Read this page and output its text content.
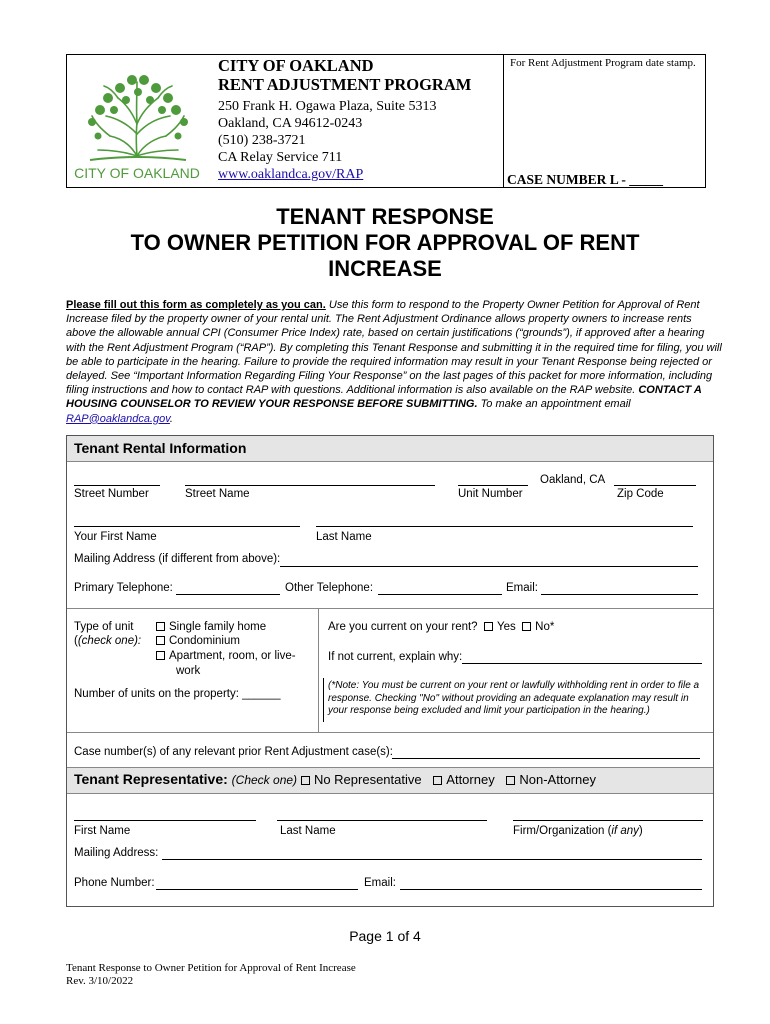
CITY OF OAKLAND
CITY OF OAKLAND
RENT ADJUSTMENT PROGRAM
250 Frank H. Ogawa Plaza, Suite 5313
Oakland, CA 94612-0243
(510) 238-3721
CA Relay Service 711
www.oaklandca.gov/RAP
For Rent Adjustment Program date stamp.
CASE NUMBER L - _____
TENANT RESPONSE
TO OWNER PETITION FOR APPROVAL OF RENT
INCREASE
Please fill out this form as completely as you can. Use this form to respond to the Property Owner Petition for Approval of Rent Increase filed by the property owner of your rental unit. The Rent Adjustment Ordinance allows property owners to increase rents above the allowable annual CPI (Consumer Price Index) rate, based on certain justifications (“grounds”), if approved after a hearing with the Rent Adjustment Program (“RAP”). By completing this Tenant Response and submitting it in the required time for filing, you will be able to participate in the hearing. Failure to provide the required information may result in your Tenant Response being rejected or delayed. See “Important Information Regarding Filing Your Response” on the last pages of this packet for more information, including filing instructions and how to contact RAP with questions. Additional information is also available on the RAP website. CONTACT A HOUSING COUNSELOR TO REVIEW YOUR RESPONSE BEFORE SUBMITTING. To make an appointment email RAP@oaklandca.gov.
Tenant Rental Information
Oakland, CA
Street Number	Street Name	Unit Number	Zip Code
Your First Name	Last Name
Mailing Address (if different from above):
Primary Telephone:	Other Telephone:	Email:
Type of unit
((check one):
Single family home
Condominium
Apartment, room, or live-
work
Number of units on the property: ______
Are you current on your rent? Yes No*
If not current, explain why:
(*Note: You must be current on your rent or lawfully withholding rent in order to file a response. Checking "No" without providing an adequate explanation may result in your response being excluded and limit your participation in the hearing.)
Case number(s) of any relevant prior Rent Adjustment case(s):
Tenant Representative: (Check one) No Representative Attorney Non-Attorney
First Name	Last Name	Firm/Organization (if any)
Mailing Address:
Phone Number:	Email:
Page 1 of 4
Tenant Response to Owner Petition for Approval of Rent Increase
Rev. 3/10/2022
